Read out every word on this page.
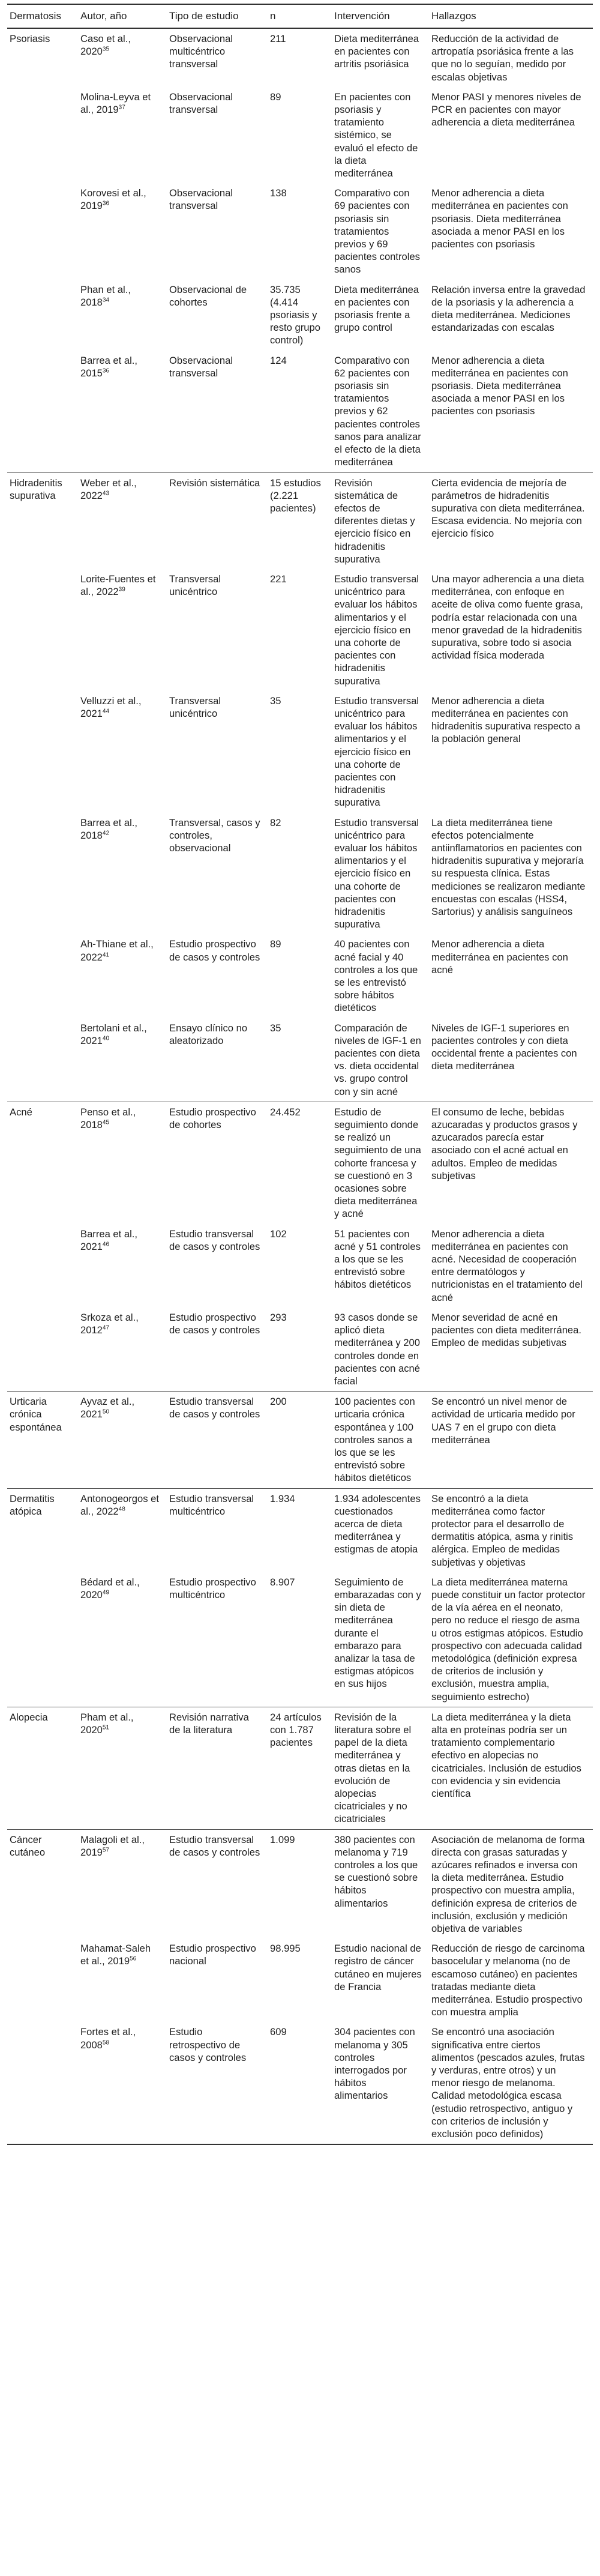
Dermatosis	Autor, año	Tipo de estudio	n	Intervención	Hallazgos
Psoriasis	Caso et al., 2020$^{35}$	Observacional multicéntrico transversal	211	Dieta mediterránea en pacientes con artritis psoriásica	Reducción de la actividad de artropatía psoriásica frente a las que no lo seguían, medido por escalas objetivas
	Molina-Leyva et al., 2019$^{37}$	Observacional transversal	89	En pacientes con psoriasis y tratamiento sistémico, se evaluó el efecto de la dieta mediterránea	Menor PASI y menores niveles de PCR en pacientes con mayor adherencia a dieta mediterránea
	Korovesi et al., 2019$^{36}$	Observacional transversal	138	Comparativo con 69 pacientes con psoriasis sin tratamientos previos y 69 pacientes controles sanos	Menor adherencia a dieta mediterránea en pacientes con psoriasis. Dieta mediterránea asociada a menor PASI en los pacientes con psoriasis
	Phan et al., 2018$^{34}$	Observacional de cohortes	35.735 (4.414 psoriasis y resto grupo control)	Dieta mediterránea en pacientes con psoriasis frente a grupo control	Relación inversa entre la gravedad de la psoriasis y la adherencia a dieta mediterránea. Mediciones estandarizadas con escalas
	Barrea et al., 2015$^{36}$	Observacional transversal	124	Comparativo con 62 pacientes con psoriasis sin tratamientos previos y 62 pacientes controles sanos para analizar el efecto de la dieta mediterránea	Menor adherencia a dieta mediterránea en pacientes con psoriasis. Dieta mediterránea asociada a menor PASI en los pacientes con psoriasis
Hidradenitis supurativa	Weber et al., 2022$^{43}$	Revisión sistemática	15 estudios (2.221 pacientes)	Revisión sistemática de efectos de diferentes dietas y ejercicio físico en hidradenitis supurativa	Cierta evidencia de mejoría de parámetros de hidradenitis supurativa con dieta mediterránea. Escasa evidencia. No mejoría con ejercicio físico
	Lorite-Fuentes et al., 2022$^{39}$	Transversal unicéntrico	221	Estudio transversal unicéntrico para evaluar los hábitos alimentarios y el ejercicio físico en una cohorte de pacientes con hidradenitis supurativa	Una mayor adherencia a una dieta mediterránea, con enfoque en aceite de oliva como fuente grasa, podría estar relacionada con una menor gravedad de la hidradenitis supurativa, sobre todo si asocia actividad física moderada
	Velluzzi et al., 2021$^{44}$	Transversal unicéntrico	35	Estudio transversal unicéntrico para evaluar los hábitos alimentarios y el ejercicio físico en una cohorte de pacientes con hidradenitis supurativa	Menor adherencia a dieta mediterránea en pacientes con hidradenitis supurativa respecto a la población general
	Barrea et al., 2018$^{42}$	Transversal, casos y controles, observacional	82	Estudio transversal unicéntrico para evaluar los hábitos alimentarios y el ejercicio físico en una cohorte de pacientes con hidradenitis supurativa	La dieta mediterránea tiene efectos potencialmente antiinflamatorios en pacientes con hidradenitis supurativa y mejoraría su respuesta clínica. Estas mediciones se realizaron mediante encuestas con escalas (HSS4, Sartorius) y análisis sanguíneos
	Ah-Thiane et al., 2022$^{41}$	Estudio prospectivo de casos y controles	89	40 pacientes con acné facial y 40 controles a los que se les entrevistó sobre hábitos dietéticos	Menor adherencia a dieta mediterránea en pacientes con acné
	Bertolani et al., 2021$^{40}$	Ensayo clínico no aleatorizado	35	Comparación de niveles de IGF-1 en pacientes con dieta vs. dieta occidental vs. grupo control con y sin acné	Niveles de IGF-1 superiores en pacientes controles y con dieta occidental frente a pacientes con dieta mediterránea
Acné	Penso et al., 2018$^{45}$	Estudio prospectivo de cohortes	24.452	Estudio de seguimiento donde se realizó un seguimiento de una cohorte francesa y se cuestionó en 3 ocasiones sobre dieta mediterránea y acné	El consumo de leche, bebidas azucaradas y productos grasos y azucarados parecía estar asociado con el acné actual en adultos. Empleo de medidas subjetivas
	Barrea et al., 2021$^{46}$	Estudio transversal de casos y controles	102	51 pacientes con acné y 51 controles a los que se les entrevistó sobre hábitos dietéticos	Menor adherencia a dieta mediterránea en pacientes con acné. Necesidad de cooperación entre dermatólogos y nutricionistas en el tratamiento del acné
	Srkoza et al., 2012$^{47}$	Estudio prospectivo de casos y controles	293	93 casos donde se aplicó dieta mediterránea y 200 controles donde en pacientes con acné facial	Menor severidad de acné en pacientes con dieta mediterránea. Empleo de medidas subjetivas
Urticaria crónica espontánea	Ayvaz et al., 2021$^{50}$	Estudio transversal de casos y controles	200	100 pacientes con urticaria crónica espontánea y 100 controles sanos a los que se les entrevistó sobre hábitos dietéticos	Se encontró un nivel menor de actividad de urticaria medido por UAS 7 en el grupo con dieta mediterránea
Dermatitis atópica	Antonogeorgos et al., 2022$^{48}$	Estudio transversal multicéntrico	1.934	1.934 adolescentes cuestionados acerca de dieta mediterránea y estigmas de atopia	Se encontró a la dieta mediterránea como factor protector para el desarrollo de dermatitis atópica, asma y rinitis alérgica. Empleo de medidas subjetivas y objetivas
	Bédard et al., 2020$^{49}$	Estudio prospectivo multicéntrico	8.907	Seguimiento de embarazadas con y sin dieta de mediterránea durante el embarazo para analizar la tasa de estigmas atópicos en sus hijos	La dieta mediterránea materna puede constituir un factor protector de la vía aérea en el neonato, pero no reduce el riesgo de asma u otros estigmas atópicos. Estudio prospectivo con adecuada calidad metodológica (definición expresa de criterios de inclusión y exclusión, muestra amplia, seguimiento estrecho)
Alopecia	Pham et al., 2020$^{51}$	Revisión narrativa de la literatura	24 artículos con 1.787 pacientes	Revisión de la literatura sobre el papel de la dieta mediterránea y otras dietas en la evolución de alopecias cicatriciales y no cicatriciales	La dieta mediterránea y la dieta alta en proteínas podría ser un tratamiento complementario efectivo en alopecias no cicatriciales. Inclusión de estudios con evidencia y sin evidencia científica
Cáncer cutáneo	Malagoli et al., 2019$^{57}$	Estudio transversal de casos y controles	1.099	380 pacientes con melanoma y 719 controles a los que se cuestionó sobre hábitos alimentarios	Asociación de melanoma de forma directa con grasas saturadas y azúcares refinados e inversa con la dieta mediterránea. Estudio prospectivo con muestra amplia, definición expresa de criterios de inclusión, exclusión y medición objetiva de variables
	Mahamat-Saleh et al., 2019$^{56}$	Estudio prospectivo nacional	98.995	Estudio nacional de registro de cáncer cutáneo en mujeres de Francia	Reducción de riesgo de carcinoma basocelular y melanoma (no de escamoso cutáneo) en pacientes tratadas mediante dieta mediterránea. Estudio prospectivo con muestra amplia
	Fortes et al., 2008$^{58}$	Estudio retrospectivo de casos y controles	609	304 pacientes con melanoma y 305 controles interrogados por hábitos alimentarios	Se encontró una asociación significativa entre ciertos alimentos (pescados azules, frutas y verduras, entre otros) y un menor riesgo de melanoma. Calidad metodológica escasa (estudio retrospectivo, antiguo y con criterios de inclusión y exclusión poco definidos)
